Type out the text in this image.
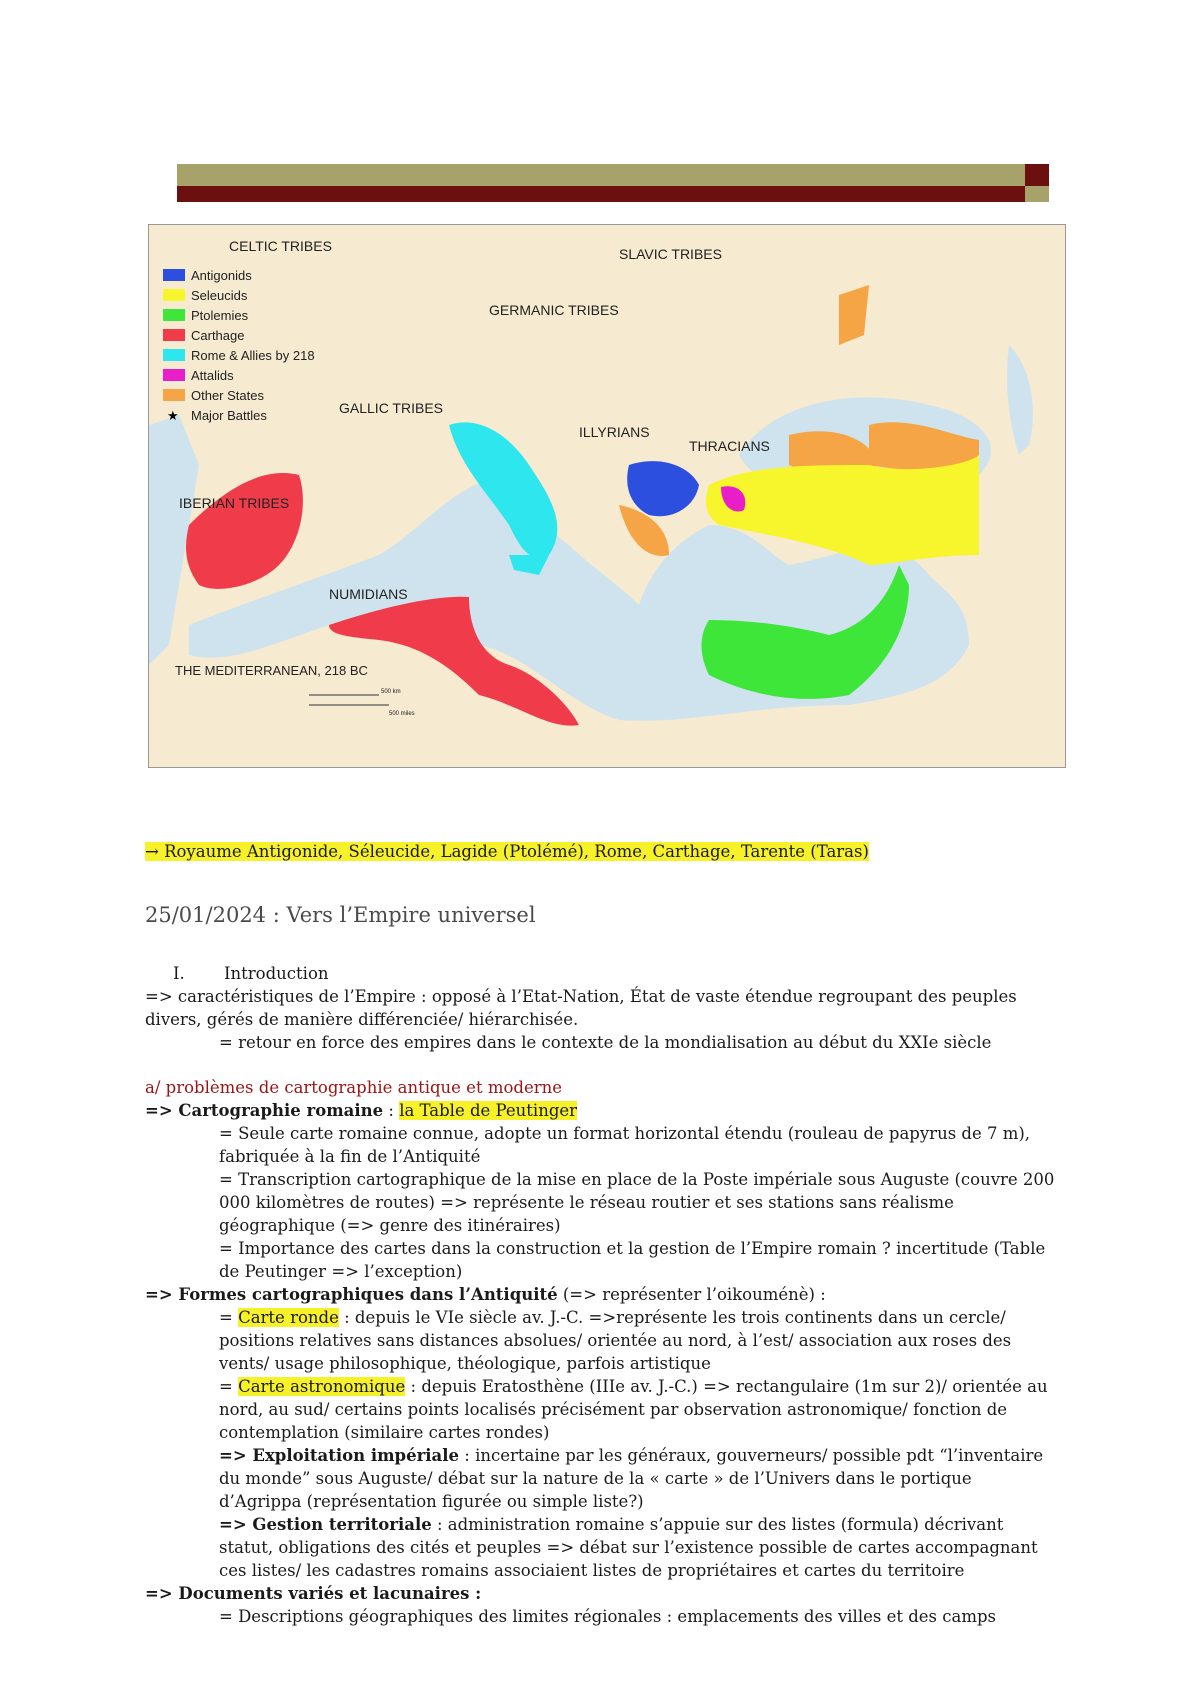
Antigonids
Seleucids
Ptolemies
Carthage
Rome & Allies by 218
Attalids
Other States
★ Major Battles
CELTIC TRIBES	SLAVIC TRIBES
GERMANIC TRIBES
GALLIC TRIBES
ILLYRIANS
THRACIANS
IBERIAN TRIBES
NUMIDIANS
THE MEDITERRANEAN, 218 BC
500 km
500 miles

→ Royaume Antigonide, Séleucide, Lagide (Ptolémé), Rome, Carthage, Tarente (Taras)

25/01/2024 : Vers l’Empire universel

I. Introduction

=> caractéristiques de l’Empire : opposé à l’Etat-Nation, État de vaste étendue regroupant des peuples divers, gérés de manière différenciée/ hiérarchisée.

= retour en force des empires dans le contexte de la mondialisation au début du XXIe siècle

a/ problèmes de cartographie antique et moderne

=> Cartographie romaine : la Table de Peutinger

= Seule carte romaine connue, adopte un format horizontal étendu (rouleau de papyrus de 7 m), fabriquée à la fin de l’Antiquité

= Transcription cartographique de la mise en place de la Poste impériale sous Auguste (couvre 200 000 kilomètres de routes) => représente le réseau routier et ses stations sans réalisme géographique (=> genre des itinéraires)

= Importance des cartes dans la construction et la gestion de l’Empire romain ? incertitude (Table de Peutinger => l’exception)

=> Formes cartographiques dans l’Antiquité (=> représenter l’oikouménè) :

= Carte ronde : depuis le VIe siècle av. J.-C. =>représente les trois continents dans un cercle/ positions relatives sans distances absolues/ orientée au nord, à l’est/ association aux roses des vents/ usage philosophique, théologique, parfois artistique

= Carte astronomique : depuis Eratosthène (IIIe av. J.-C.) => rectangulaire (1m sur 2)/ orientée au nord, au sud/ certains points localisés précisément par observation astronomique/ fonction de contemplation (similaire cartes rondes)

=> Exploitation impériale : incertaine par les généraux, gouverneurs/ possible pdt “l’inventaire du monde” sous Auguste/ débat sur la nature de la « carte » de l’Univers dans le portique d’Agrippa (représentation figurée ou simple liste?)

=> Gestion territoriale : administration romaine s’appuie sur des listes (formula) décrivant statut, obligations des cités et peuples => débat sur l’existence possible de cartes accompagnant ces listes/ les cadastres romains associaient listes de propriétaires et cartes du territoire

=> Documents variés et lacunaires :

= Descriptions géographiques des limites régionales : emplacements des villes et des camps
